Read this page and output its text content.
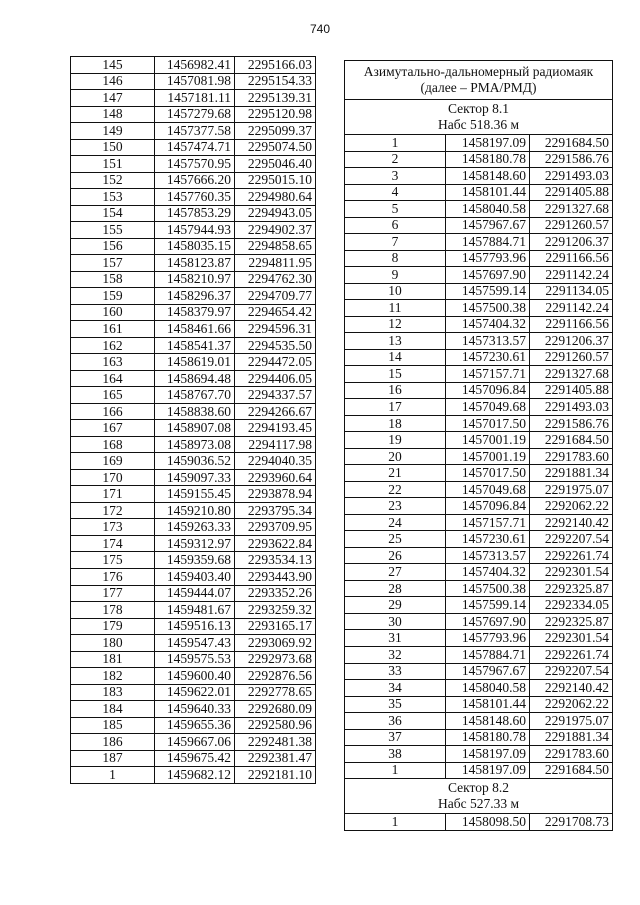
740
145	1456982.41	2295166.03
146	1457081.98	2295154.33
147	1457181.11	2295139.31
148	1457279.68	2295120.98
149	1457377.58	2295099.37
150	1457474.71	2295074.50
151	1457570.95	2295046.40
152	1457666.20	2295015.10
153	1457760.35	2294980.64
154	1457853.29	2294943.05
155	1457944.93	2294902.37
156	1458035.15	2294858.65
157	1458123.87	2294811.95
158	1458210.97	2294762.30
159	1458296.37	2294709.77
160	1458379.97	2294654.42
161	1458461.66	2294596.31
162	1458541.37	2294535.50
163	1458619.01	2294472.05
164	1458694.48	2294406.05
165	1458767.70	2294337.57
166	1458838.60	2294266.67
167	1458907.08	2294193.45
168	1458973.08	2294117.98
169	1459036.52	2294040.35
170	1459097.33	2293960.64
171	1459155.45	2293878.94
172	1459210.80	2293795.34
173	1459263.33	2293709.95
174	1459312.97	2293622.84
175	1459359.68	2293534.13
176	1459403.40	2293443.90
177	1459444.07	2293352.26
178	1459481.67	2293259.32
179	1459516.13	2293165.17
180	1459547.43	2293069.92
181	1459575.53	2292973.68
182	1459600.40	2292876.56
183	1459622.01	2292778.65
184	1459640.33	2292680.09
185	1459655.36	2292580.96
186	1459667.06	2292481.38
187	1459675.42	2292381.47
1	1459682.12	2292181.10
Азимутально-дальномерный радиомаяк (далее – РМА/РМД)		

Сектор 8.1
Набс 518.36 м		

1	1458197.09	2291684.50
2	1458180.78	2291586.76
3	1458148.60	2291493.03
4	1458101.44	2291405.88
5	1458040.58	2291327.68
6	1457967.67	2291260.57
7	1457884.71	2291206.37
8	1457793.96	2291166.56
9	1457697.90	2291142.24
10	1457599.14	2291134.05
11	1457500.38	2291142.24
12	1457404.32	2291166.56
13	1457313.57	2291206.37
14	1457230.61	2291260.57
15	1457157.71	2291327.68
16	1457096.84	2291405.88
17	1457049.68	2291493.03
18	1457017.50	2291586.76
19	1457001.19	2291684.50
20	1457001.19	2291783.60
21	1457017.50	2291881.34
22	1457049.68	2291975.07
23	1457096.84	2292062.22
24	1457157.71	2292140.42
25	1457230.61	2292207.54
26	1457313.57	2292261.74
27	1457404.32	2292301.54
28	1457500.38	2292325.87
29	1457599.14	2292334.05
30	1457697.90	2292325.87
31	1457793.96	2292301.54
32	1457884.71	2292261.74
33	1457967.67	2292207.54
34	1458040.58	2292140.42
35	1458101.44	2292062.22
36	1458148.60	2291975.07
37	1458180.78	2291881.34
38	1458197.09	2291783.60
1	1458197.09	2291684.50

Сектор 8.2
Набс 527.33 м		

1	1458098.50	2291708.73
